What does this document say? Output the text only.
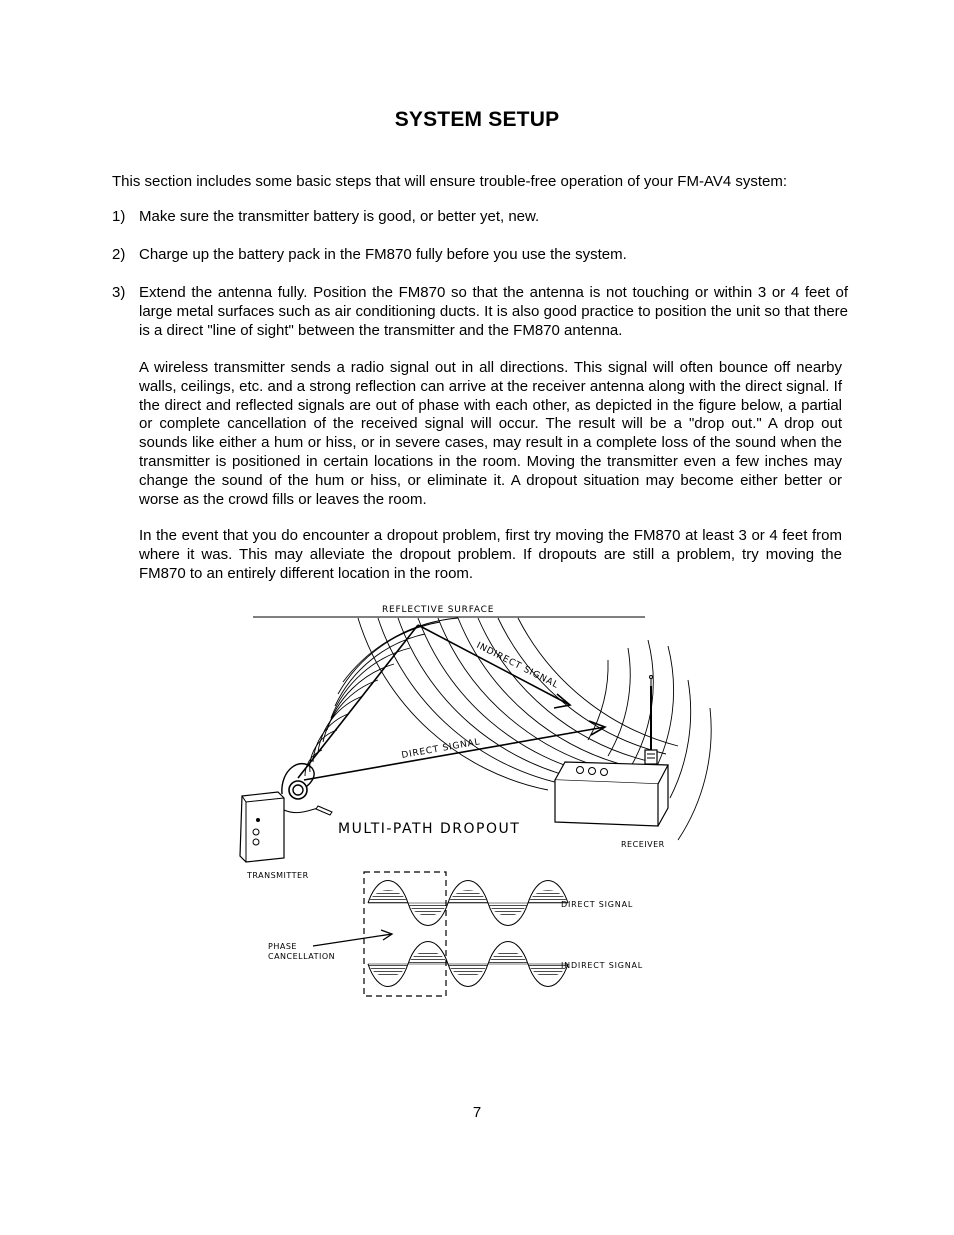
SYSTEM SETUP
This section includes some basic steps that will ensure trouble-free operation of your FM-AV4 system:
1) Make sure the transmitter battery is good, or better yet, new.
2) Charge up the battery pack in the FM870 fully before you use the system.
3) Extend the antenna fully. Position the FM870 so that the antenna is not touching or within 3 or 4 feet of large metal surfaces such as air conditioning ducts. It is also good practice to position the unit so that there is a direct "line of sight" between the transmitter and the FM870 antenna.
A wireless transmitter sends a radio signal out in all directions. This signal will often bounce off nearby walls, ceilings, etc. and a strong reflection can arrive at the receiver antenna along with the direct signal. If the direct and reflected signals are out of phase with each other, as depicted in the figure below, a partial or complete cancellation of the received signal will occur. The result will be a "drop out." A drop out sounds like either a hum or hiss, or in severe cases, may result in a complete loss of the sound when the transmitter is positioned in certain locations in the room. Moving the transmitter even a few inches may change the sound of the hum or hiss, or eliminate it. A dropout situation may become either better or worse as the crowd fills or leaves the room.
In the event that you do encounter a dropout problem, first try moving the FM870 at least 3 or 4 feet from where it was. This may alleviate the dropout problem. If dropouts are still a problem, try moving the FM870 to an entirely different location in the room.
REFLECTIVE SURFACE
INDIRECT SIGNAL
DIRECT SIGNAL
TRANSMITTER
RECEIVER
MULTI-PATH DROPOUT
PHASE
CANCELLATION
DIRECT SIGNAL
INDIRECT SIGNAL
7
